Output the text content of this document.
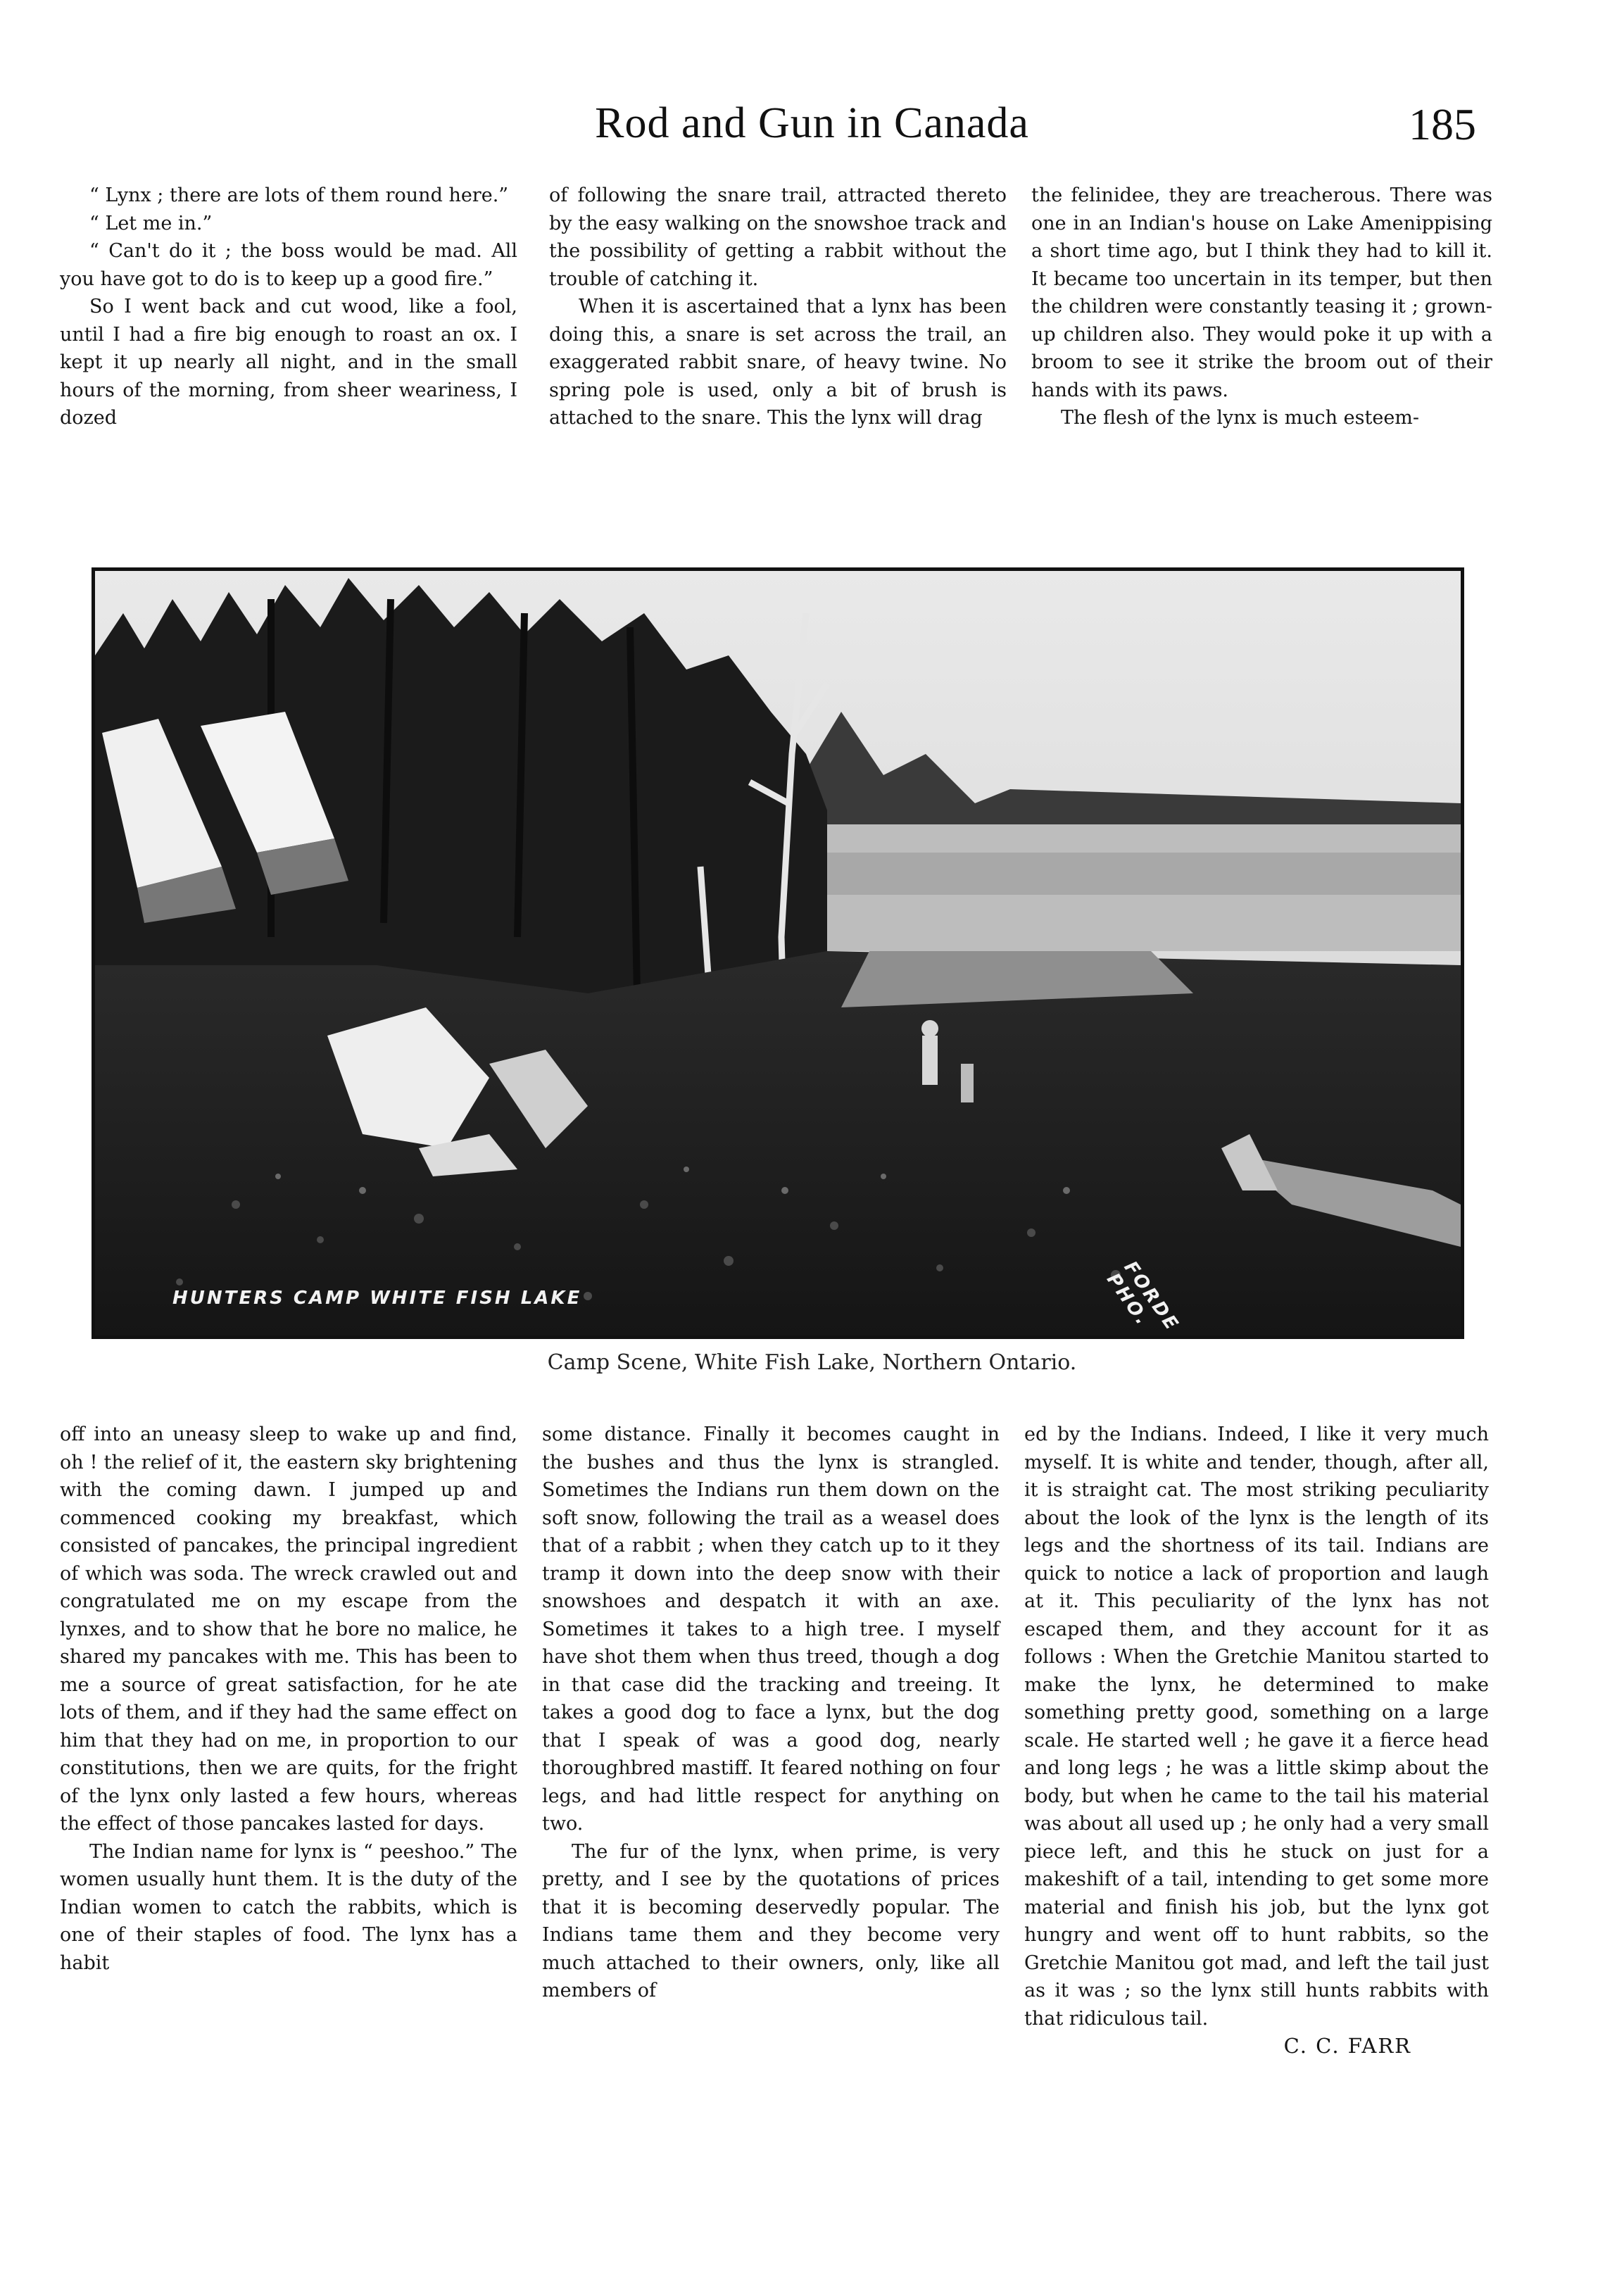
Rod and Gun in Canada	185

“ Lynx ; there are lots of them round here.”

“ Let me in.”

“ Can't do it ; the boss would be mad. All you have got to do is to keep up a good fire.”

So I went back and cut wood, like a fool, until I had a fire big enough to roast an ox. I kept it up nearly all night, and in the small hours of the morning, from sheer weariness, I dozed

of following the snare trail, attracted thereto by the easy walking on the snowshoe track and the possibility of getting a rabbit without the trouble of catching it.

When it is ascertained that a lynx has been doing this, a snare is set across the trail, an exaggerated rabbit snare, of heavy twine. No spring pole is used, only a bit of brush is attached to the snare. This the lynx will drag

the felinidee, they are treacherous. There was one in an Indian's house on Lake Amenippising a short time ago, but I think they had to kill it. It became too uncertain in its temper, but then the children were constantly teasing it ; grown-up children also. They would poke it up with a broom to see it strike the broom out of their hands with its paws.

The flesh of the lynx is much esteem-

HUNTERS CAMP WHITE FISH LAKE	FORDE PHO.
Camp Scene, White Fish Lake, Northern Ontario.

off into an uneasy sleep to wake up and find, oh ! the relief of it, the eastern sky brightening with the coming dawn. I jumped up and commenced cooking my breakfast, which consisted of pancakes, the principal ingredient of which was soda. The wreck crawled out and congratulated me on my escape from the lynxes, and to show that he bore no malice, he shared my pancakes with me. This has been to me a source of great satisfaction, for he ate lots of them, and if they had the same effect on him that they had on me, in proportion to our constitutions, then we are quits, for the fright of the lynx only lasted a few hours, whereas the effect of those pancakes lasted for days.

The Indian name for lynx is “ peeshoo.” The women usually hunt them. It is the duty of the Indian women to catch the rabbits, which is one of their staples of food. The lynx has a habit

some distance. Finally it becomes caught in the bushes and thus the lynx is strangled. Sometimes the Indians run them down on the soft snow, following the trail as a weasel does that of a rabbit ; when they catch up to it they tramp it down into the deep snow with their snowshoes and despatch it with an axe. Sometimes it takes to a high tree. I myself have shot them when thus treed, though a dog in that case did the tracking and treeing. It takes a good dog to face a lynx, but the dog that I speak of was a good dog, nearly thoroughbred mastiff. It feared nothing on four legs, and had little respect for anything on two.

The fur of the lynx, when prime, is very pretty, and I see by the quotations of prices that it is becoming deservedly popular. The Indians tame them and they become very much attached to their owners, only, like all members of

ed by the Indians. Indeed, I like it very much myself. It is white and tender, though, after all, it is straight cat. The most striking peculiarity about the look of the lynx is the length of its legs and the shortness of its tail. Indians are quick to notice a lack of proportion and laugh at it. This peculiarity of the lynx has not escaped them, and they account for it as follows : When the Gretchie Manitou started to make the lynx, he determined to make something pretty good, something on a large scale. He started well ; he gave it a fierce head and long legs ; he was a little skimp about the body, but when he came to the tail his material was about all used up ; he only had a very small piece left, and this he stuck on just for a makeshift of a tail, intending to get some more material and finish his job, but the lynx got hungry and went off to hunt rabbits, so the Gretchie Manitou got mad, and left the tail just as it was ; so the lynx still hunts rabbits with that ridiculous tail.

C. C. FARR
